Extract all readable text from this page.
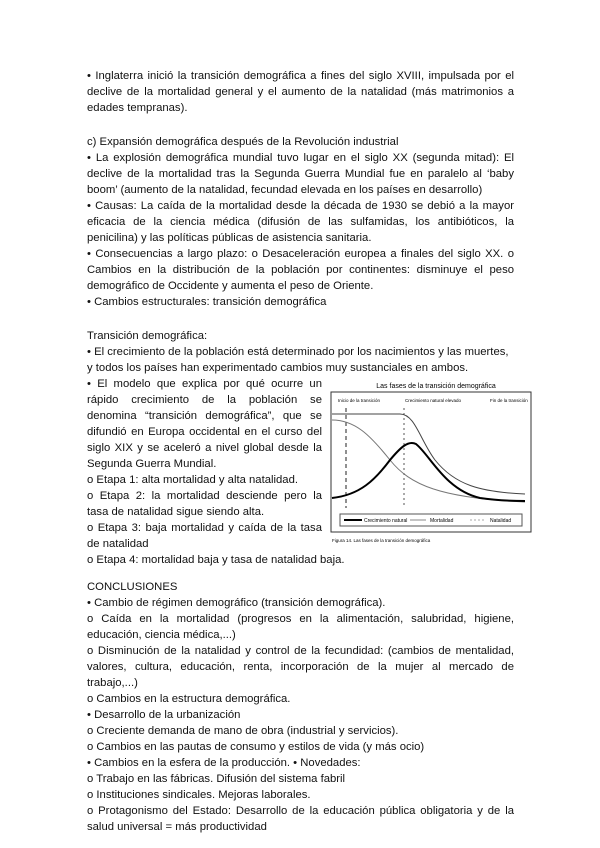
• Inglaterra inició la transición demográfica a fines del siglo XVIII, impulsada por el declive de la mortalidad general y el aumento de la natalidad (más matrimonios a edades tempranas).

c) Expansión demográfica después de la Revolución industrial

• La explosión demográfica mundial tuvo lugar en el siglo XX (segunda mitad): El declive de la mortalidad tras la Segunda Guerra Mundial fue en paralelo al ‘baby boom’ (aumento de la natalidad, fecundad elevada en los países en desarrollo)

• Causas: La caída de la mortalidad desde la década de 1930 se debió a la mayor eficacia de la ciencia médica (difusión de las sulfamidas, los antibióticos, la penicilina) y las políticas públicas de asistencia sanitaria.

• Consecuencias a largo plazo: o Desaceleración europea a finales del siglo XX. o Cambios en la distribución de la población por continentes: disminuye el peso demográfico de Occidente y aumenta el peso de Oriente.

• Cambios estructurales: transición demográfica

Transición demográfica:

• El crecimiento de la población está determinado por los nacimientos y las muertes, y todos los países han experimentado cambios muy sustanciales en ambos.

Las fases de la transición demográfica
Inicio de la transición	Crecimiento natural elevado	Fin de la transición
Crecimiento natural	Mortalidad	Natalidad
Figura 14. Las fases de la transición demográfica

• El modelo que explica por qué ocurre un rápido crecimiento de la población se denomina “transición demográfica”, que se difundió en Europa occidental en el curso del siglo XIX y se aceleró a nivel global desde la Segunda Guerra Mundial.

o Etapa 1: alta mortalidad y alta natalidad.

o Etapa 2: la mortalidad desciende pero la tasa de natalidad sigue siendo alta.

o Etapa 3: baja mortalidad y caída de la tasa de natalidad

o Etapa 4: mortalidad baja y tasa de natalidad baja.

CONCLUSIONES

• Cambio de régimen demográfico (transición demográfica).

o Caída en la mortalidad (progresos en la alimentación, salubridad, higiene, educación, ciencia médica,...)

o Disminución de la natalidad y control de la fecundidad: (cambios de mentalidad, valores, cultura, educación, renta, incorporación de la mujer al mercado de trabajo,...)

o Cambios en la estructura demográfica.

• Desarrollo de la urbanización

o Creciente demanda de mano de obra (industrial y servicios).

o Cambios en las pautas de consumo y estilos de vida (y más ocio)

• Cambios en la esfera de la producción. • Novedades:

o Trabajo en las fábricas. Difusión del sistema fabril

o Instituciones sindicales. Mejoras laborales.

o Protagonismo del Estado: Desarrollo de la educación pública obligatoria y de la salud universal = más productividad
